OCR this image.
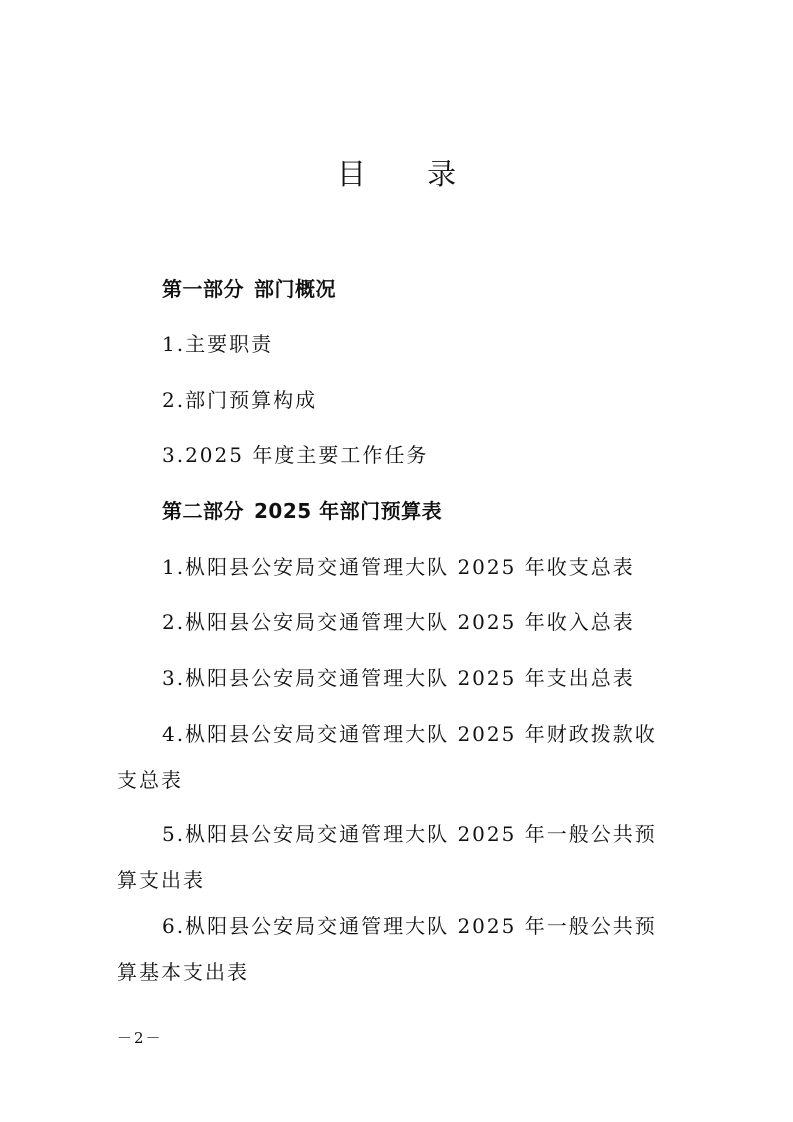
目 录
第一部分 部门概况
1.主要职责
2.部门预算构成
3.2025 年度主要工作任务
第二部分 2025 年部门预算表
1.枞阳县公安局交通管理大队 2025 年收支总表
2.枞阳县公安局交通管理大队 2025 年收入总表
3.枞阳县公安局交通管理大队 2025 年支出总表
4.枞阳县公安局交通管理大队 2025 年财政拨款收支总表
5.枞阳县公安局交通管理大队 2025 年一般公共预算支出表
6.枞阳县公安局交通管理大队 2025 年一般公共预算基本支出表
－2－
